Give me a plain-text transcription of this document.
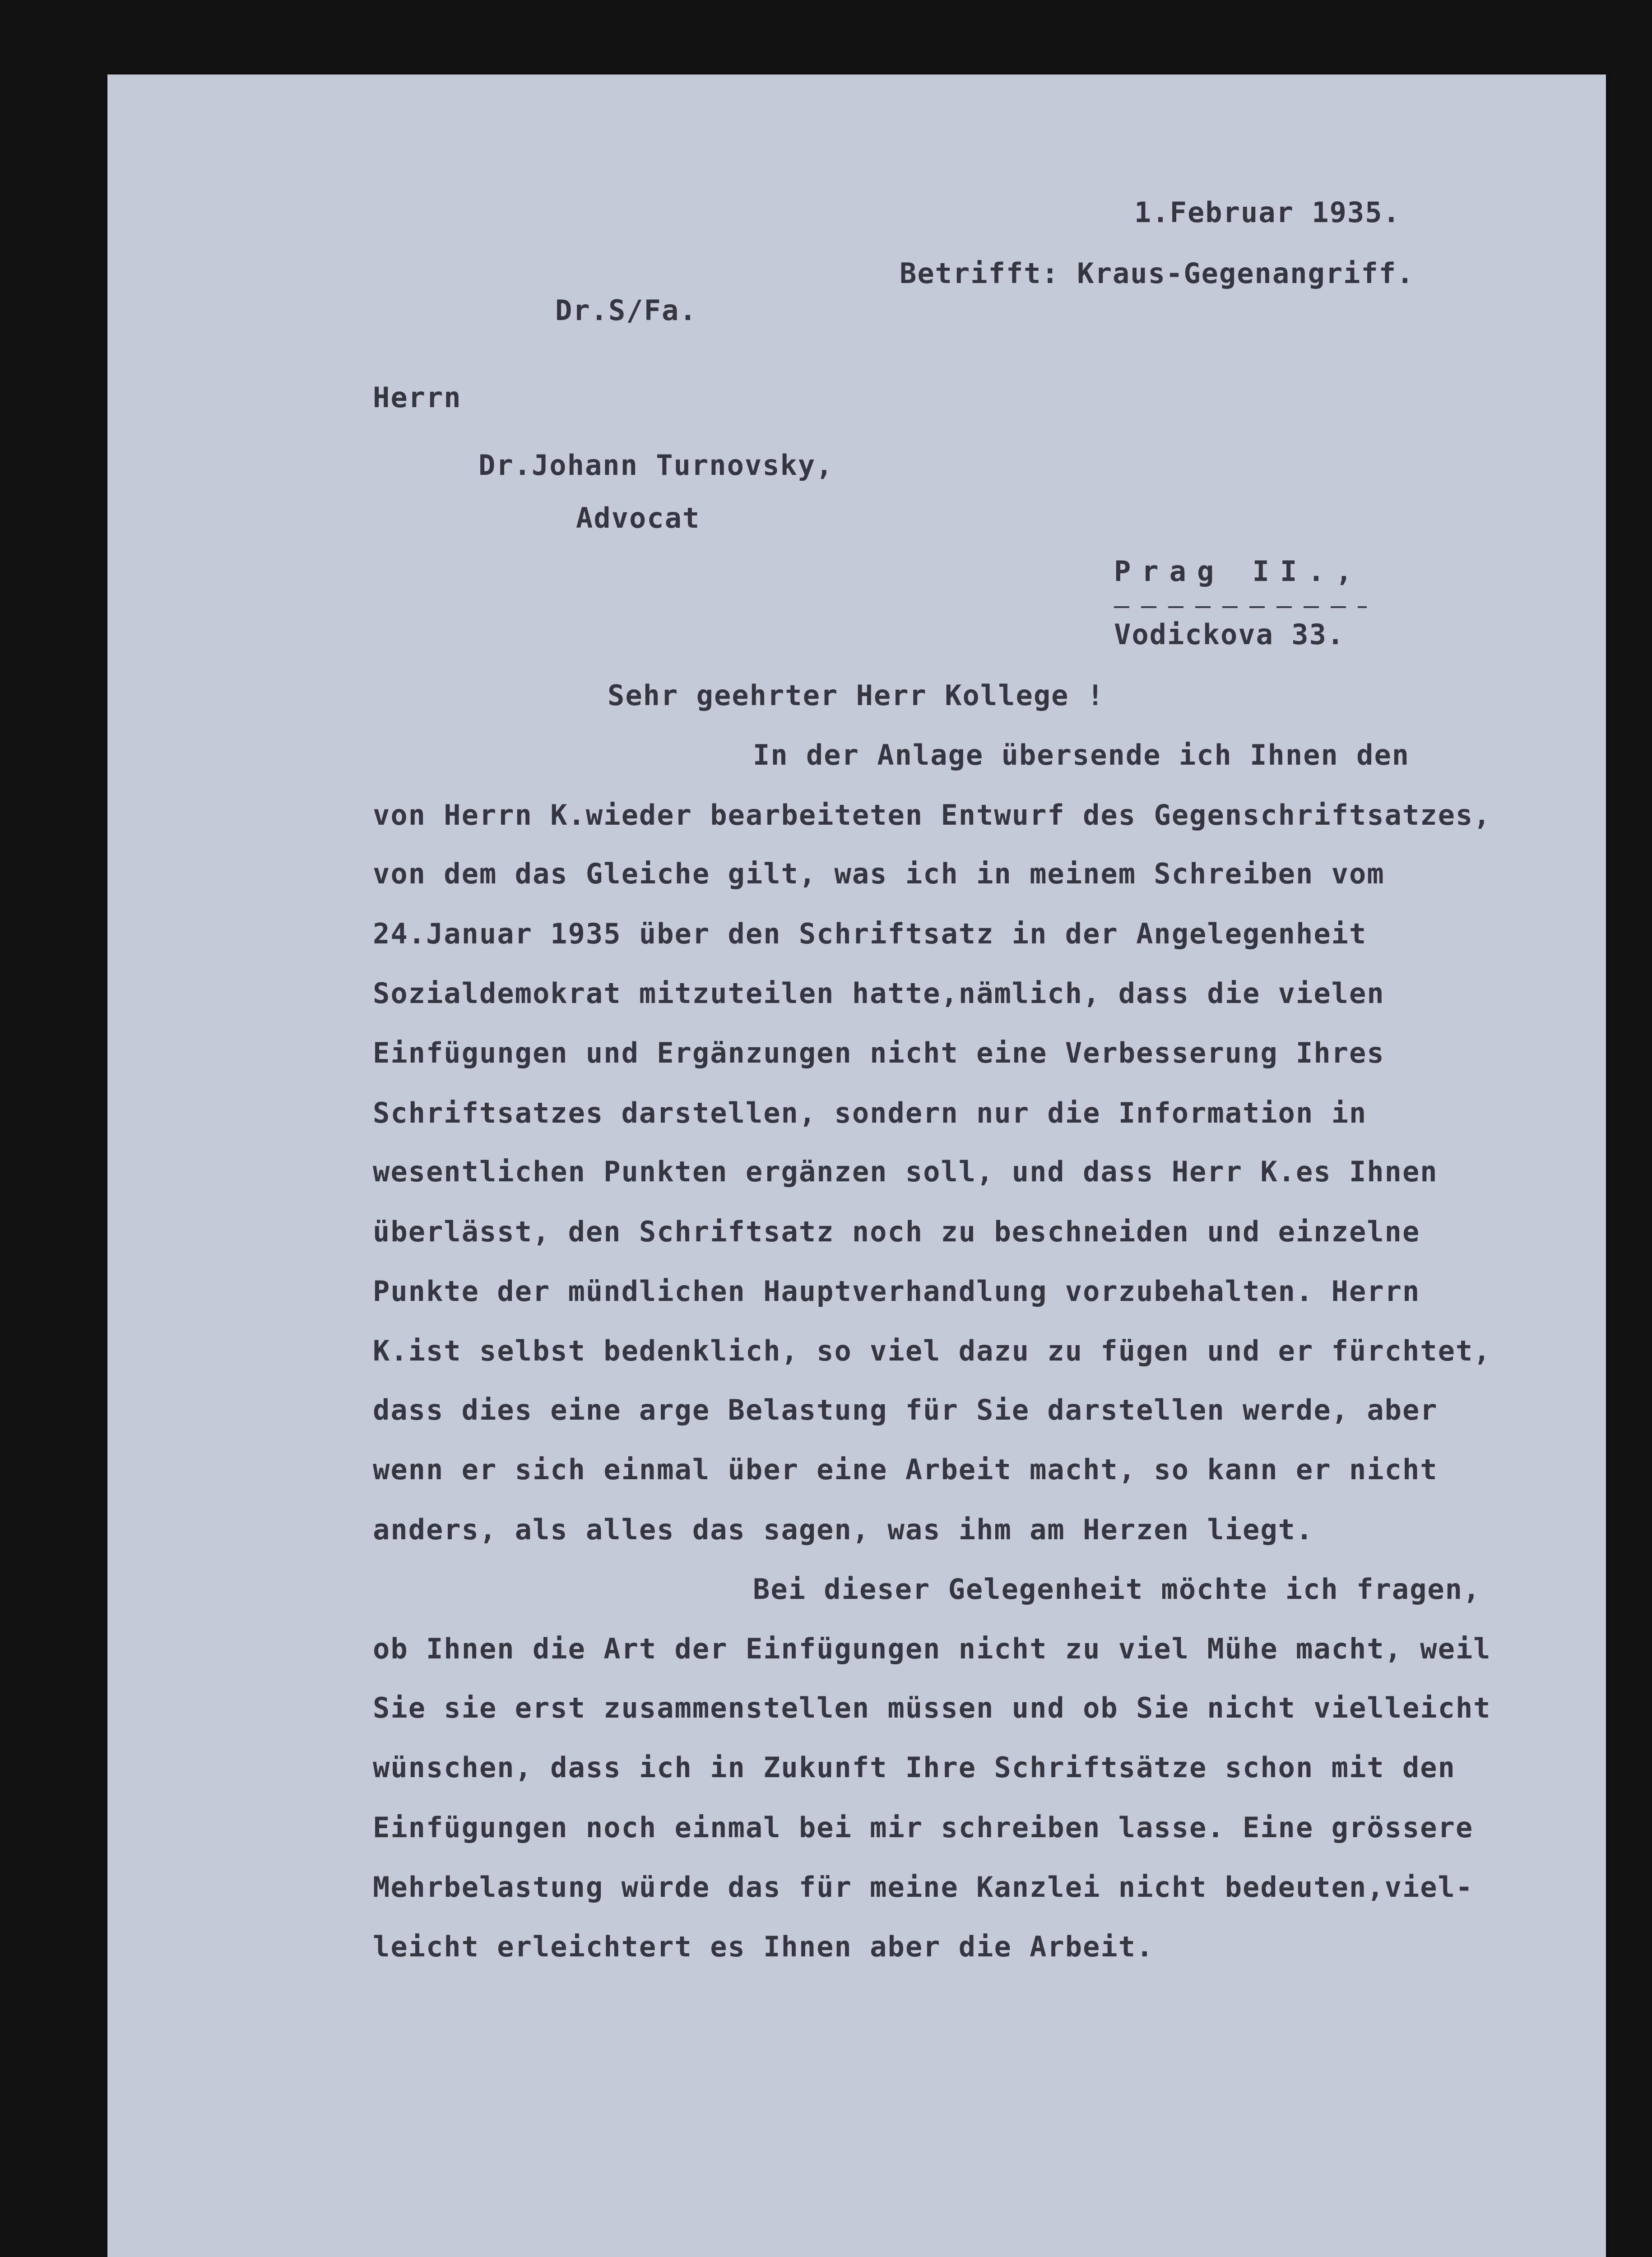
1.Februar 1935.
Betrifft: Kraus-Gegenangriff.
Dr.S/Fa.
Herrn
Dr.Johann Turnovsky,
Advocat
Prag II.,
Vodickova 33.
Sehr geehrter Herr Kollege !
In der Anlage übersende ich Ihnen den
von Herrn K.wieder bearbeiteten Entwurf des Gegenschriftsatzes,
von dem das Gleiche gilt, was ich in meinem Schreiben vom
24.Januar 1935 über den Schriftsatz in der Angelegenheit
Sozialdemokrat mitzuteilen hatte,nämlich, dass die vielen
Einfügungen und Ergänzungen nicht eine Verbesserung Ihres
Schriftsatzes darstellen, sondern nur die Information in
wesentlichen Punkten ergänzen soll, und dass Herr K.es Ihnen
überlässt, den Schriftsatz noch zu beschneiden und einzelne
Punkte der mündlichen Hauptverhandlung vorzubehalten. Herrn
K.ist selbst bedenklich, so viel dazu zu fügen und er fürchtet,
dass dies eine arge Belastung für Sie darstellen werde, aber
wenn er sich einmal über eine Arbeit macht, so kann er nicht
anders, als alles das sagen, was ihm am Herzen liegt.
Bei dieser Gelegenheit möchte ich fragen,
ob Ihnen die Art der Einfügungen nicht zu viel Mühe macht, weil
Sie sie erst zusammenstellen müssen und ob Sie nicht vielleicht
wünschen, dass ich in Zukunft Ihre Schriftsätze schon mit den
Einfügungen noch einmal bei mir schreiben lasse. Eine grössere
Mehrbelastung würde das für meine Kanzlei nicht bedeuten,viel-
leicht erleichtert es Ihnen aber die Arbeit.
